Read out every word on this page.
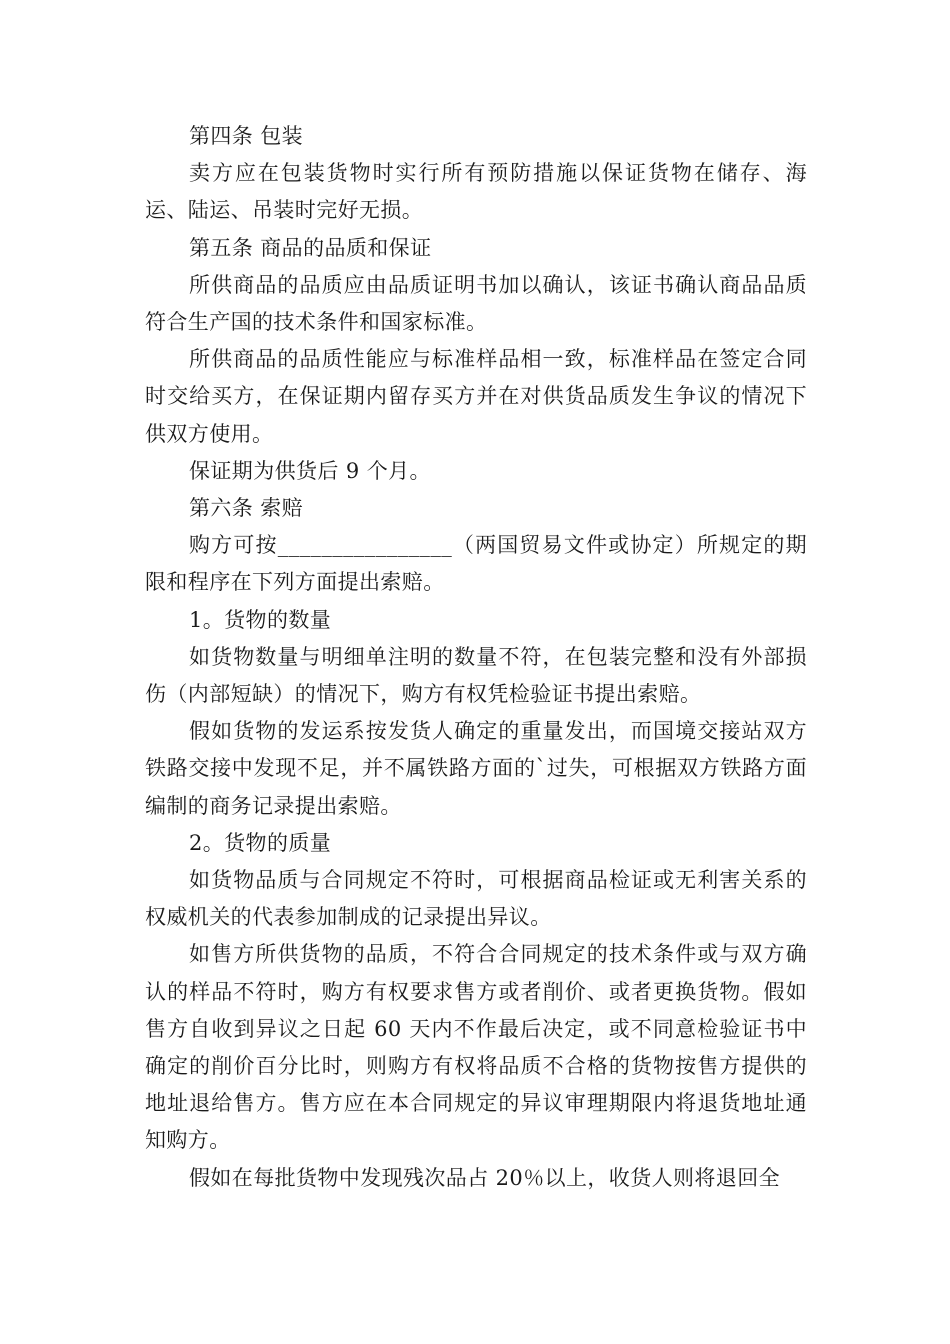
第四条 包装

卖方应在包装货物时实行所有预防措施以保证货物在储存、海运、陆运、吊装时完好无损。

第五条 商品的品质和保证

所供商品的品质应由品质证明书加以确认，该证书确认商品品质符合生产国的技术条件和国家标准。

所供商品的品质性能应与标准样品相一致，标准样品在签定合同时交给买方，在保证期内留存买方并在对供货品质发生争议的情况下供双方使用。

保证期为供货后 9 个月。

第六条 索赔

购方可按________________（两国贸易文件或协定）所规定的期限和程序在下列方面提出索赔。

1。货物的数量

如货物数量与明细单注明的数量不符，在包装完整和没有外部损伤（内部短缺）的情况下，购方有权凭检验证书提出索赔。

假如货物的发运系按发货人确定的重量发出，而国境交接站双方铁路交接中发现不足，并不属铁路方面的`过失，可根据双方铁路方面编制的商务记录提出索赔。

2。货物的质量

如货物品质与合同规定不符时，可根据商品检证或无利害关系的权威机关的代表参加制成的记录提出异议。

如售方所供货物的品质，不符合合同规定的技术条件或与双方确认的样品不符时，购方有权要求售方或者削价、或者更换货物。假如售方自收到异议之日起 60 天内不作最后决定，或不同意检验证书中确定的削价百分比时，则购方有权将品质不合格的货物按售方提供的地址退给售方。售方应在本合同规定的异议审理期限内将退货地址通知购方。

假如在每批货物中发现残次品占 20％以上，收货人则将退回全
